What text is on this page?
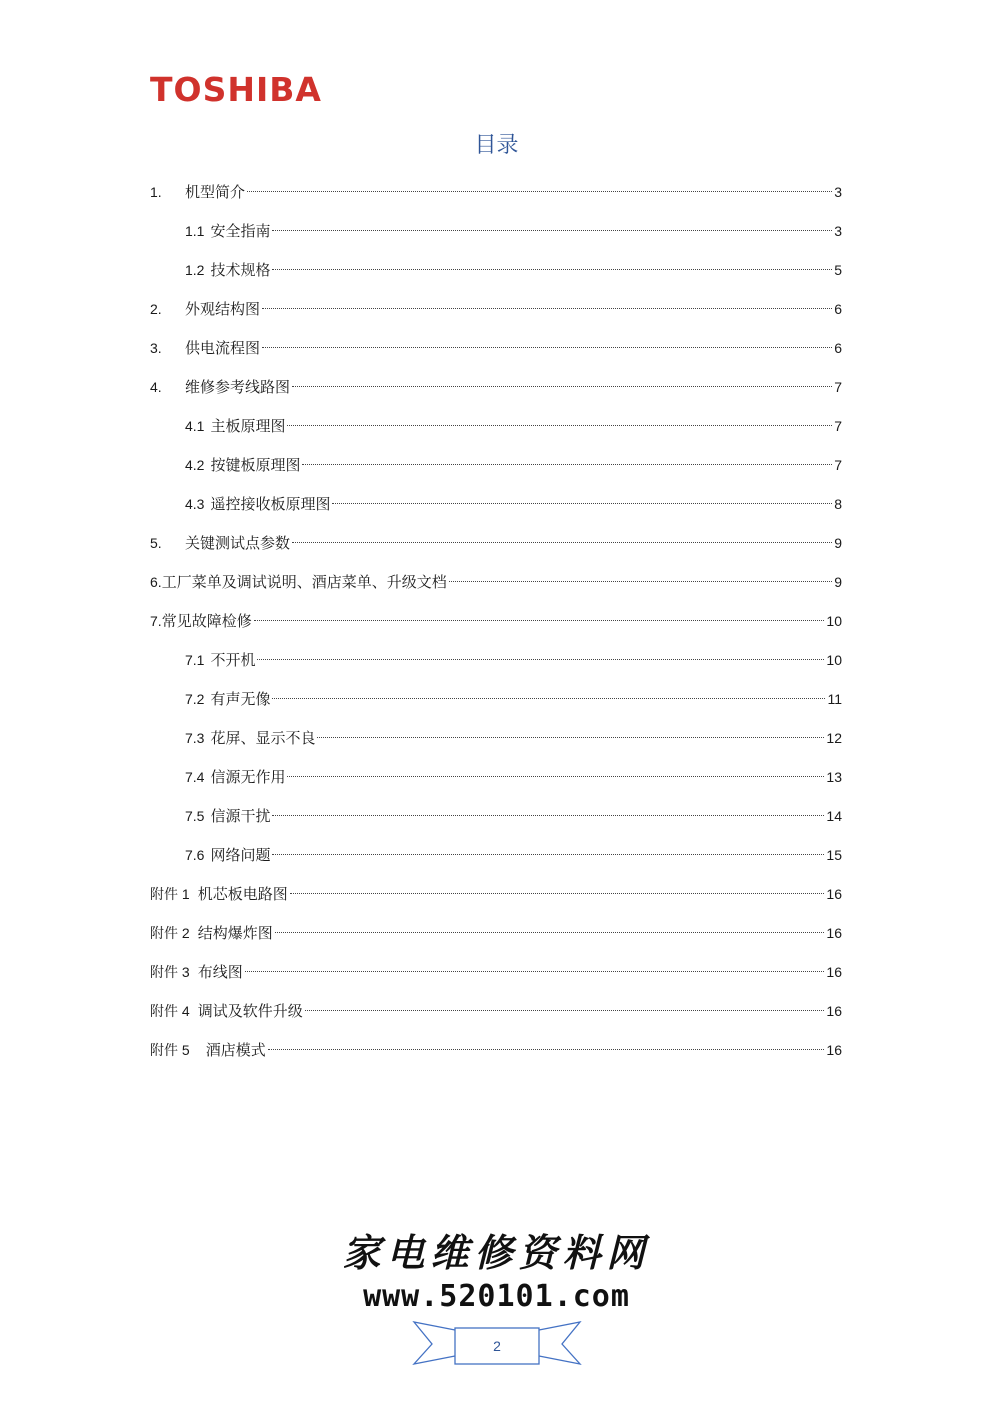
TOSHIBA
目录
1.	机型简介	3
1.1 安全指南	3
1.2 技术规格	5
2.	外观结构图	6
3.	供电流程图	6
4.	维修参考线路图	7
4.1 主板原理图	7
4.2 按键板原理图	7
4.3 遥控接收板原理图	8
5.	关键测试点参数	9
6. 工厂菜单及调试说明、酒店菜单、升级文档	9
7. 常见故障检修	10
7.1 不开机	10
7.2 有声无像	11
7.3 花屏、显示不良	12
7.4 信源无作用	13
7.5 信源干扰	14
7.6 网络问题	15
附件 1 机芯板电路图	16
附件 2 结构爆炸图	16
附件 3 布线图	16
附件 4 调试及软件升级	16
附件 5 酒店模式	16
家电维修资料网
www.520101.com
2
